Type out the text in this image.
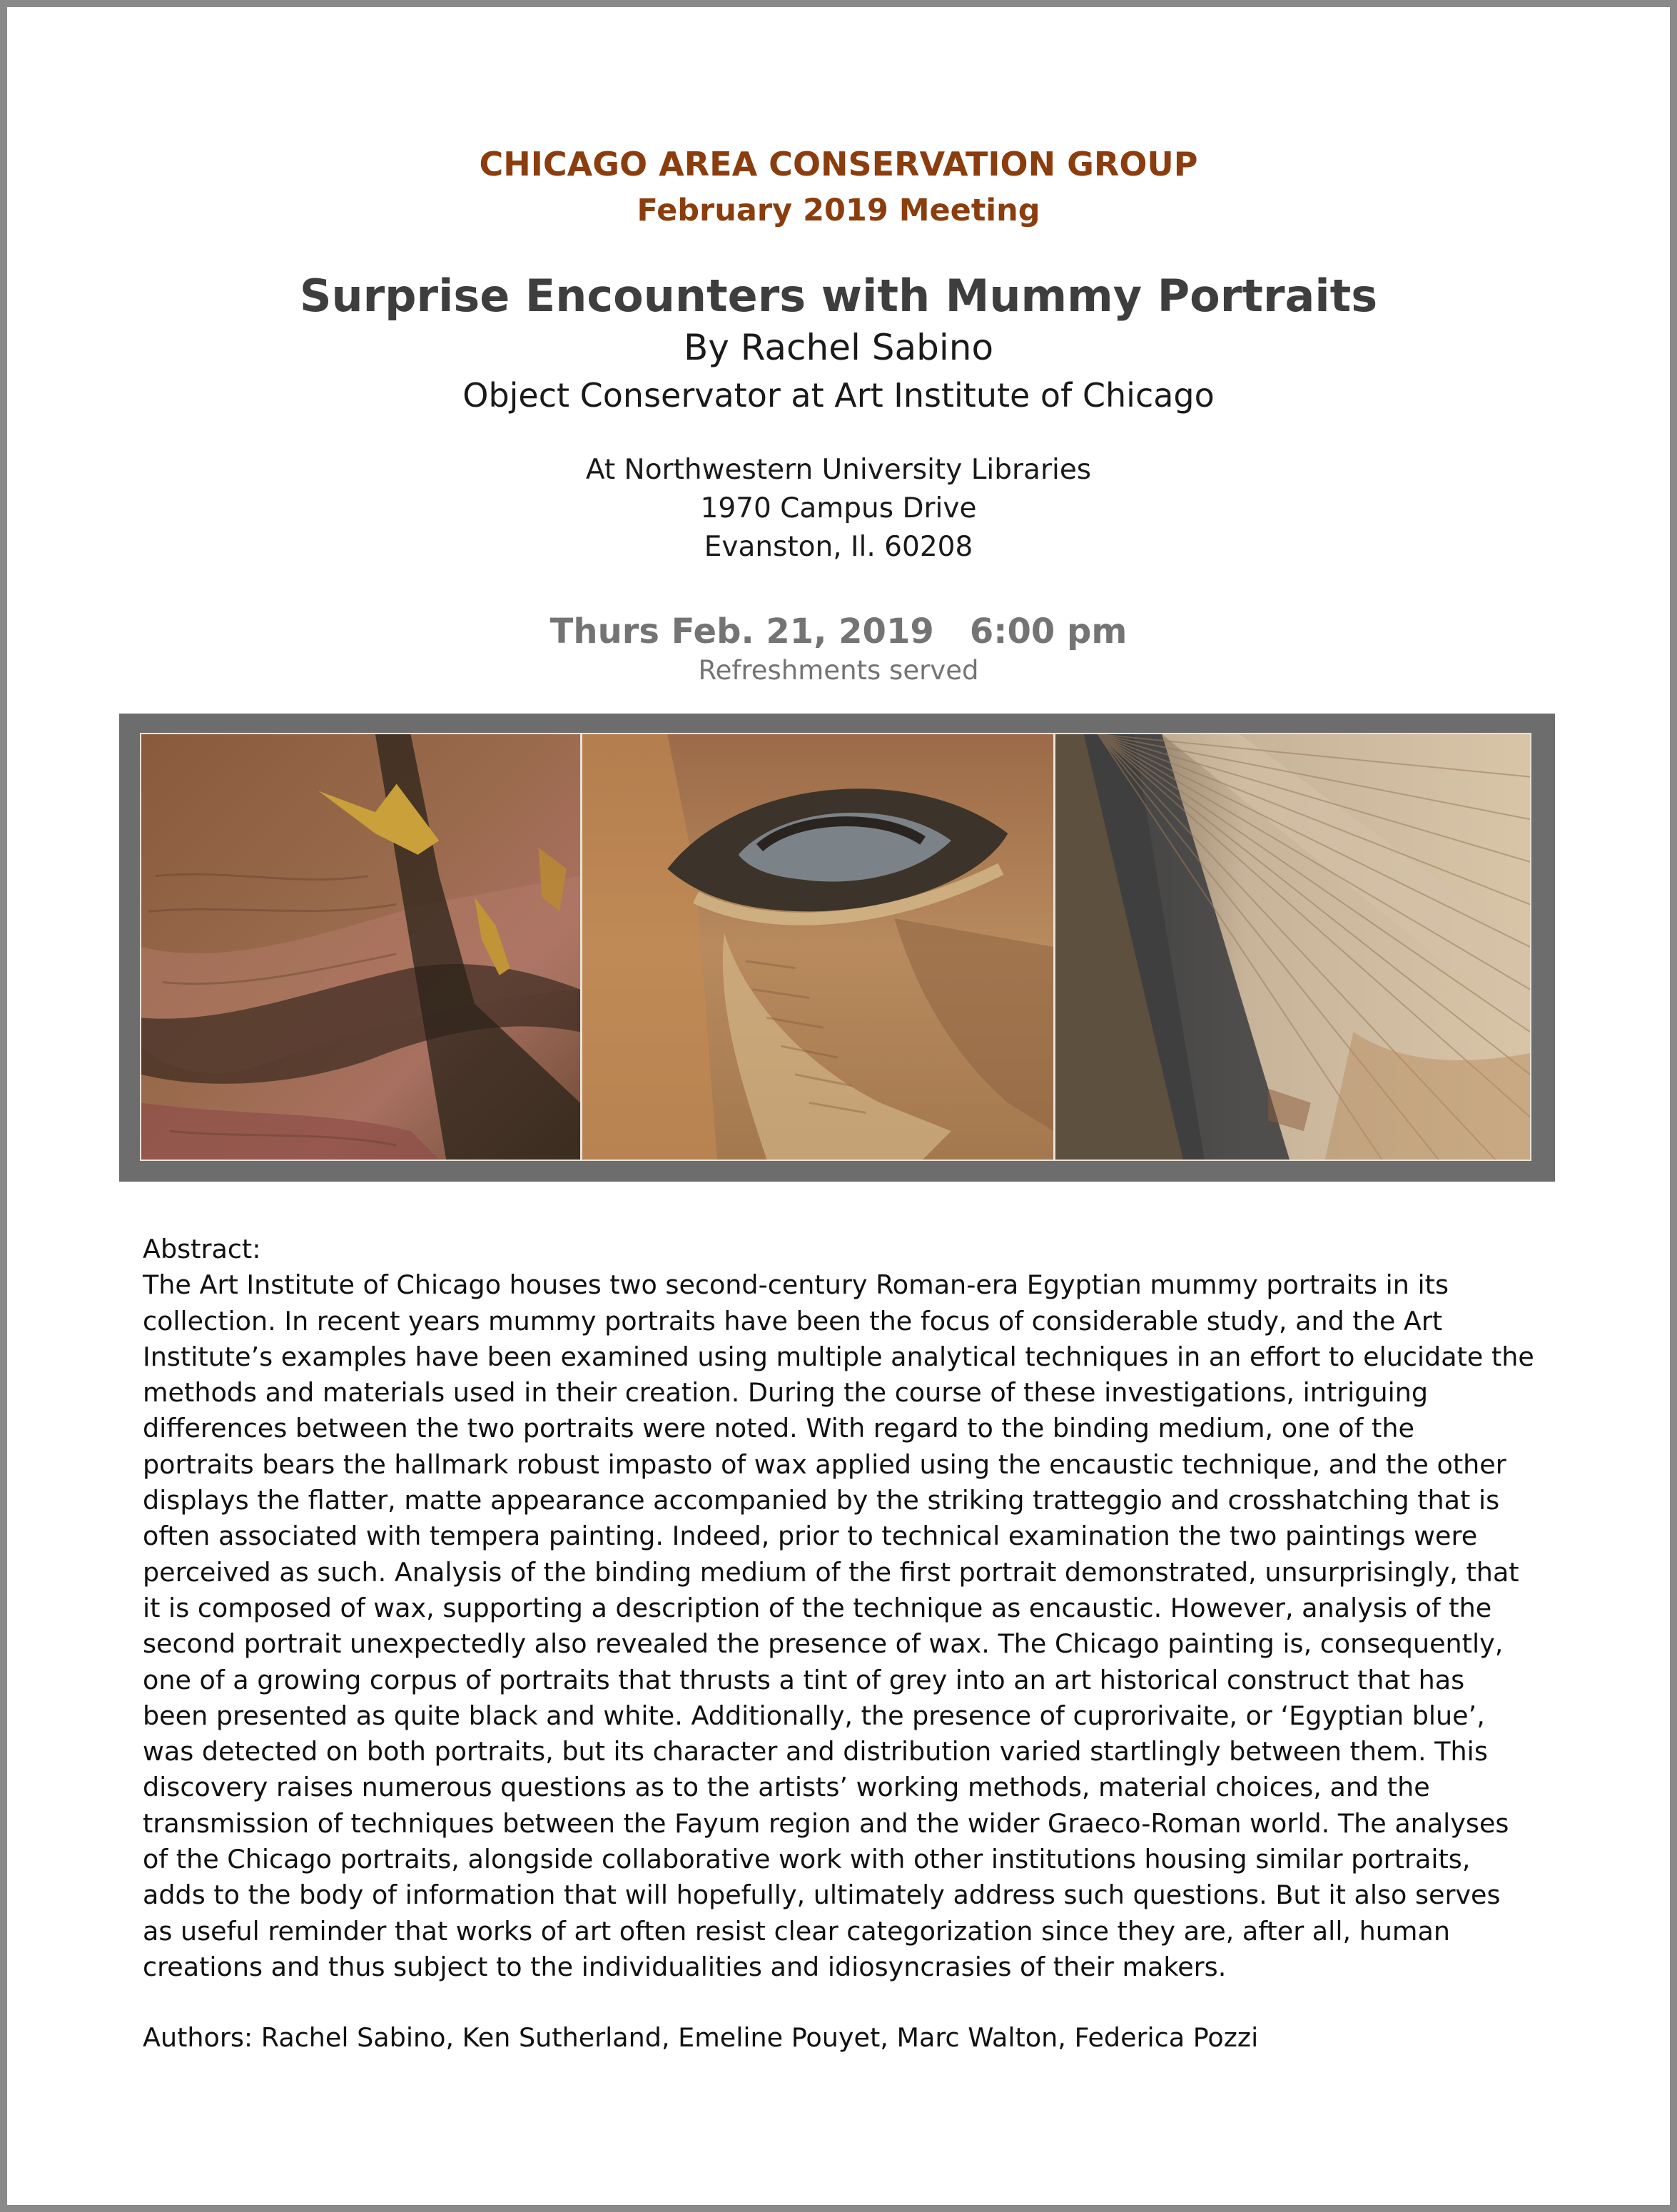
CHICAGO AREA CONSERVATION GROUP
February 2019 Meeting
Surprise Encounters with Mummy Portraits
By Rachel Sabino
Object Conservator at Art Institute of Chicago
At Northwestern University Libraries
1970 Campus Drive
Evanston, Il. 60208
Thurs Feb. 21, 2019   6:00 pm
Refreshments served

Abstract:

The Art Institute of Chicago houses two second-century Roman-era Egyptian mummy portraits in its

collection. In recent years mummy portraits have been the focus of considerable study, and the Art

Institute’s examples have been examined using multiple analytical techniques in an effort to elucidate the

methods and materials used in their creation. During the course of these investigations, intriguing

differences between the two portraits were noted. With regard to the binding medium, one of the

portraits bears the hallmark robust impasto of wax applied using the encaustic technique, and the other

displays the flatter, matte appearance accompanied by the striking tratteggio and crosshatching that is

often associated with tempera painting. Indeed, prior to technical examination the two paintings were

perceived as such. Analysis of the binding medium of the first portrait demonstrated, unsurprisingly, that

it is composed of wax, supporting a description of the technique as encaustic. However, analysis of the

second portrait unexpectedly also revealed the presence of wax. The Chicago painting is, consequently,

one of a growing corpus of portraits that thrusts a tint of grey into an art historical construct that has

been presented as quite black and white. Additionally, the presence of cuprorivaite, or ‘Egyptian blue’,

was detected on both portraits, but its character and distribution varied startlingly between them. This

discovery raises numerous questions as to the artists’ working methods, material choices, and the

transmission of techniques between the Fayum region and the wider Graeco-Roman world. The analyses

of the Chicago portraits, alongside collaborative work with other institutions housing similar portraits,

adds to the body of information that will hopefully, ultimately address such questions. But it also serves

as useful reminder that works of art often resist clear categorization since they are, after all, human

creations and thus subject to the individualities and idiosyncrasies of their makers.

Authors: Rachel Sabino, Ken Sutherland, Emeline Pouyet, Marc Walton, Federica Pozzi
